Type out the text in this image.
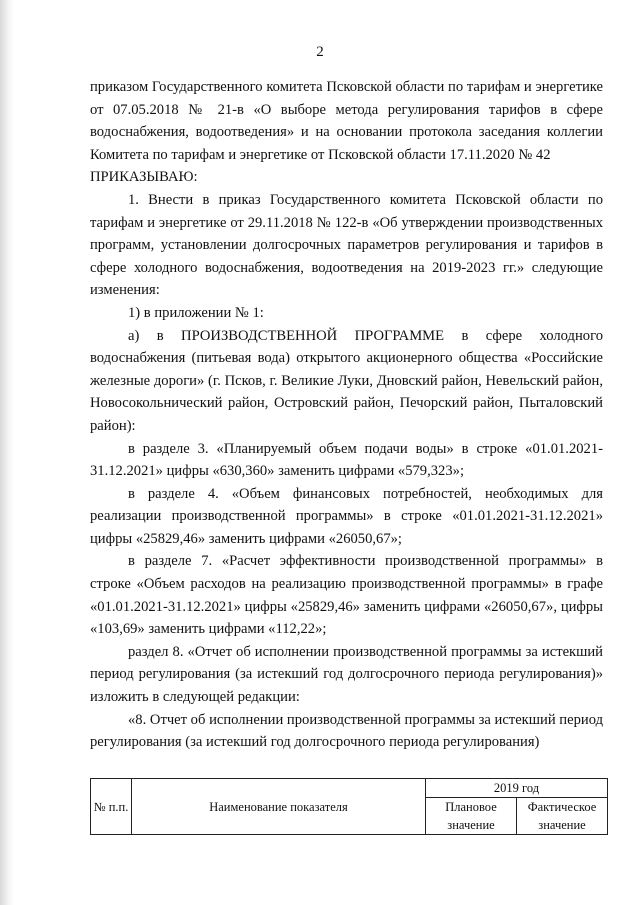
2

приказом Государственного комитета Псковской области по тарифам и энергетике от 07.05.2018 № 21-в «О выборе метода регулирования тарифов в сфере водоснабжения, водоотведения» и на основании протокола заседания коллегии Комитета по тарифам и энергетике от Псковской области 17.11.2020 № 42

ПРИКАЗЫВАЮ:

1. Внести в приказ Государственного комитета Псковской области по тарифам и энергетике от 29.11.2018 № 122-в «Об утверждении производственных программ, установлении долгосрочных параметров регулирования и тарифов в сфере холодного водоснабжения, водоотведения на 2019-2023 гг.» следующие изменения:

1) в приложении № 1:

а) в ПРОИЗВОДСТВЕННОЙ ПРОГРАММЕ в сфере холодного водоснабжения (питьевая вода) открытого акционерного общества «Российские железные дороги» (г. Псков, г. Великие Луки, Дновский район, Невельский район, Новосокольнический район, Островский район, Печорский район, Пыталовский район):

в разделе 3. «Планируемый объем подачи воды» в строке «01.01.2021-31.12.2021» цифры «630,360» заменить цифрами «579,323»;

в разделе 4. «Объем финансовых потребностей, необходимых для реализации производственной программы» в строке «01.01.2021-31.12.2021» цифры «25829,46» заменить цифрами «26050,67»;

в разделе 7. «Расчет эффективности производственной программы» в строке «Объем расходов на реализацию производственной программы» в графе «01.01.2021-31.12.2021» цифры «25829,46» заменить цифрами «26050,67», цифры «103,69» заменить цифрами «112,22»;

раздел 8. «Отчет об исполнении производственной программы за истекший период регулирования (за истекший год долгосрочного периода регулирования)» изложить в следующей редакции:

«8. Отчет об исполнении производственной программы за истекший период регулирования (за истекший год долгосрочного периода регулирования)

№ п.п.	Наименование показателя	2019 год	
		Плановое значение	Фактическое значение
